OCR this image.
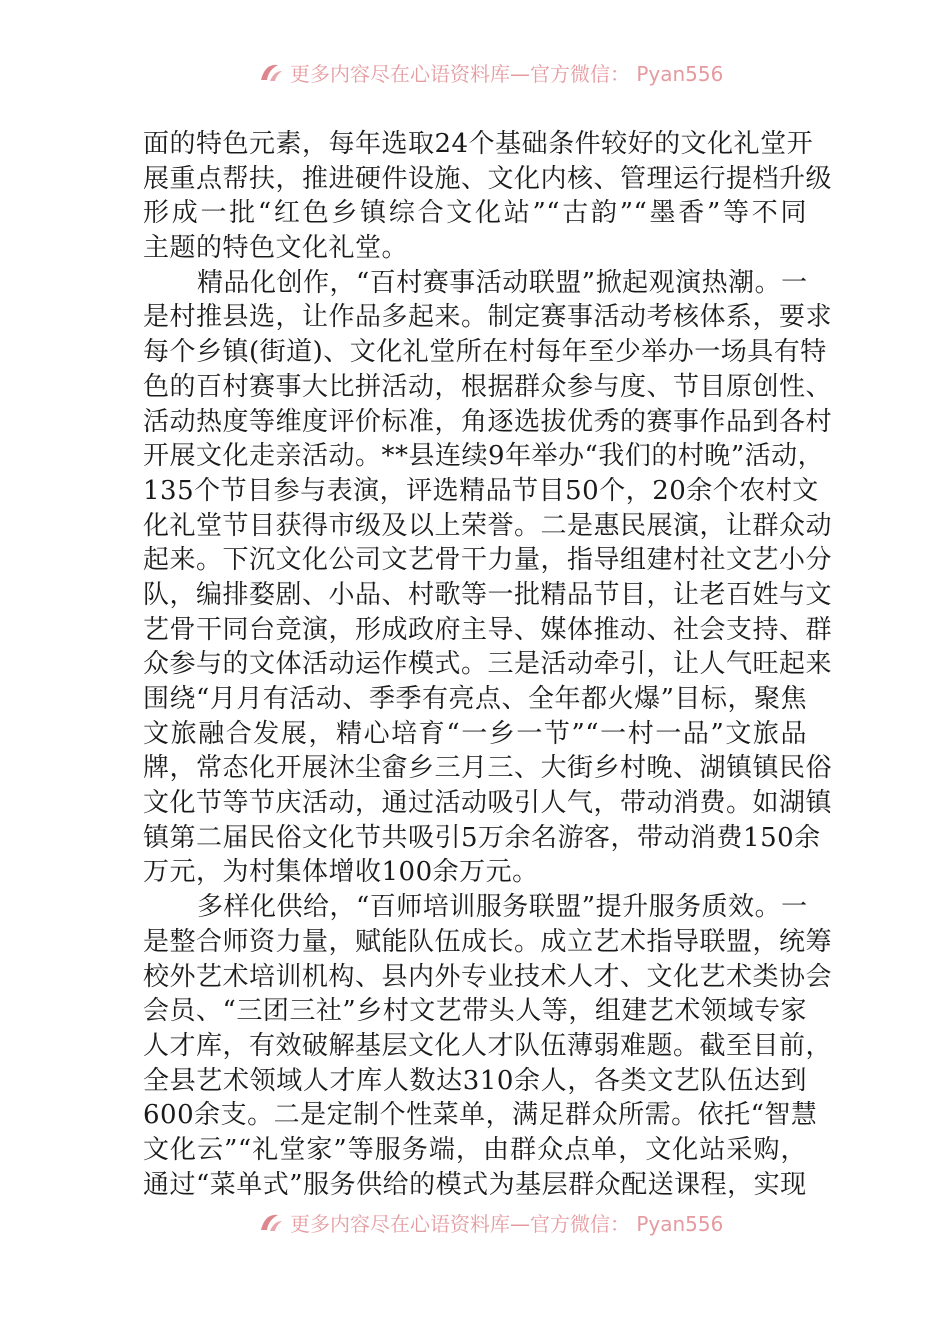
更多内容尽在心语资料库—官方微信： Pyan556
面的特色元素，每年选取24个基础条件较好的文化礼堂开
展重点帮扶，推进硬件设施、文化内核、管理运行提档升级
形成一批“红色乡镇综合文化站”“古韵”“墨香”等不同
主题的特色文化礼堂。
精品化创作，“百村赛事活动联盟”掀起观演热潮。一
是村推县选，让作品多起来。制定赛事活动考核体系，要求
每个乡镇(街道)、文化礼堂所在村每年至少举办一场具有特
色的百村赛事大比拼活动，根据群众参与度、节目原创性、
活动热度等维度评价标准，角逐选拔优秀的赛事作品到各村
开展文化走亲活动。**县连续9年举办“我们的村晚”活动，
135个节目参与表演，评选精品节目50个，20余个农村文
化礼堂节目获得市级及以上荣誉。二是惠民展演，让群众动
起来。下沉文化公司文艺骨干力量，指导组建村社文艺小分
队，编排婺剧、小品、村歌等一批精品节目，让老百姓与文
艺骨干同台竞演，形成政府主导、媒体推动、社会支持、群
众参与的文体活动运作模式。三是活动牵引，让人气旺起来
围绕“月月有活动、季季有亮点、全年都火爆”目标，聚焦
文旅融合发展，精心培育“一乡一节”“一村一品”文旅品
牌，常态化开展沐尘畲乡三月三、大街乡村晚、湖镇镇民俗
文化节等节庆活动，通过活动吸引人气，带动消费。如湖镇
镇第二届民俗文化节共吸引5万余名游客，带动消费150余
万元，为村集体增收100余万元。
多样化供给，“百师培训服务联盟”提升服务质效。一
是整合师资力量，赋能队伍成长。成立艺术指导联盟，统筹
校外艺术培训机构、县内外专业技术人才、文化艺术类协会
会员、“三团三社”乡村文艺带头人等，组建艺术领域专家
人才库，有效破解基层文化人才队伍薄弱难题。截至目前，
全县艺术领域人才库人数达310余人，各类文艺队伍达到
600余支。二是定制个性菜单，满足群众所需。依托“智慧
文化云”“礼堂家”等服务端，由群众点单，文化站采购，
通过“菜单式”服务供给的模式为基层群众配送课程，实现
更多内容尽在心语资料库—官方微信： Pyan556
